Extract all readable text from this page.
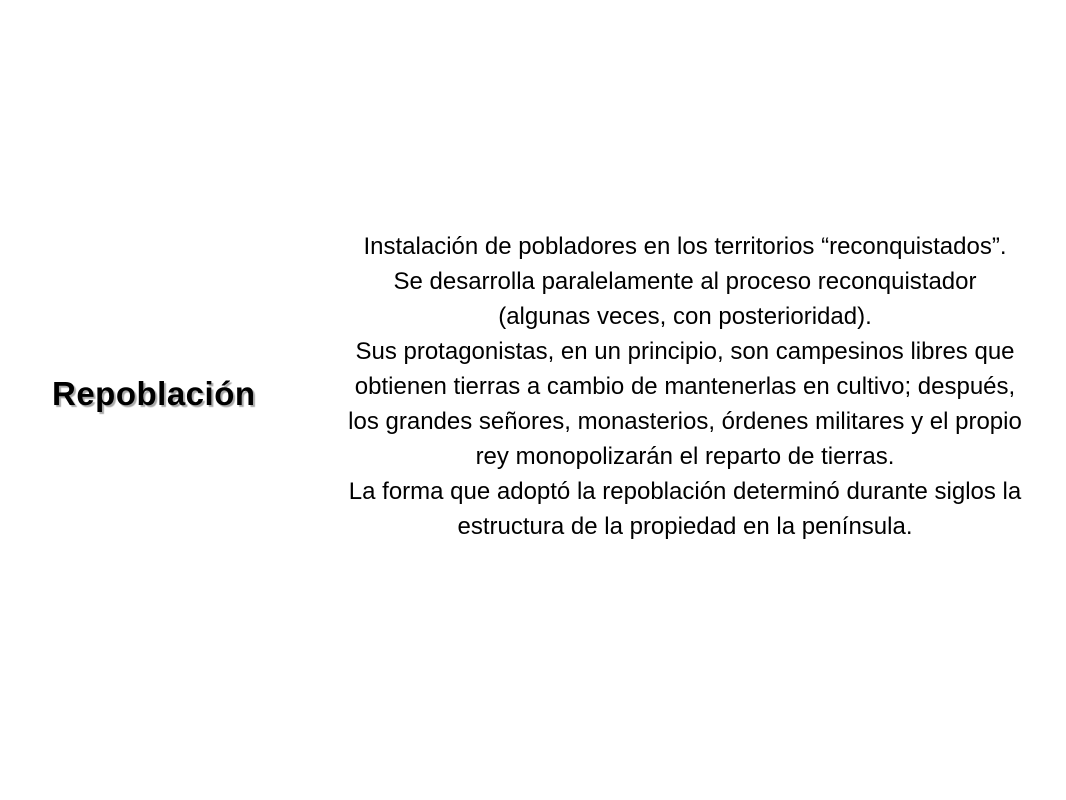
Repoblación

Instalación de pobladores en los territorios “reconquistados”.

Se desarrolla paralelamente al proceso reconquistador (algunas veces, con posterioridad).

Sus protagonistas, en un principio, son campesinos libres que obtienen tierras a cambio de mantenerlas en cultivo; después, los grandes señores, monasterios, órdenes militares y el propio rey monopolizarán el reparto de tierras.

La forma que adoptó la repoblación determinó durante siglos la estructura de la propiedad en la península.
